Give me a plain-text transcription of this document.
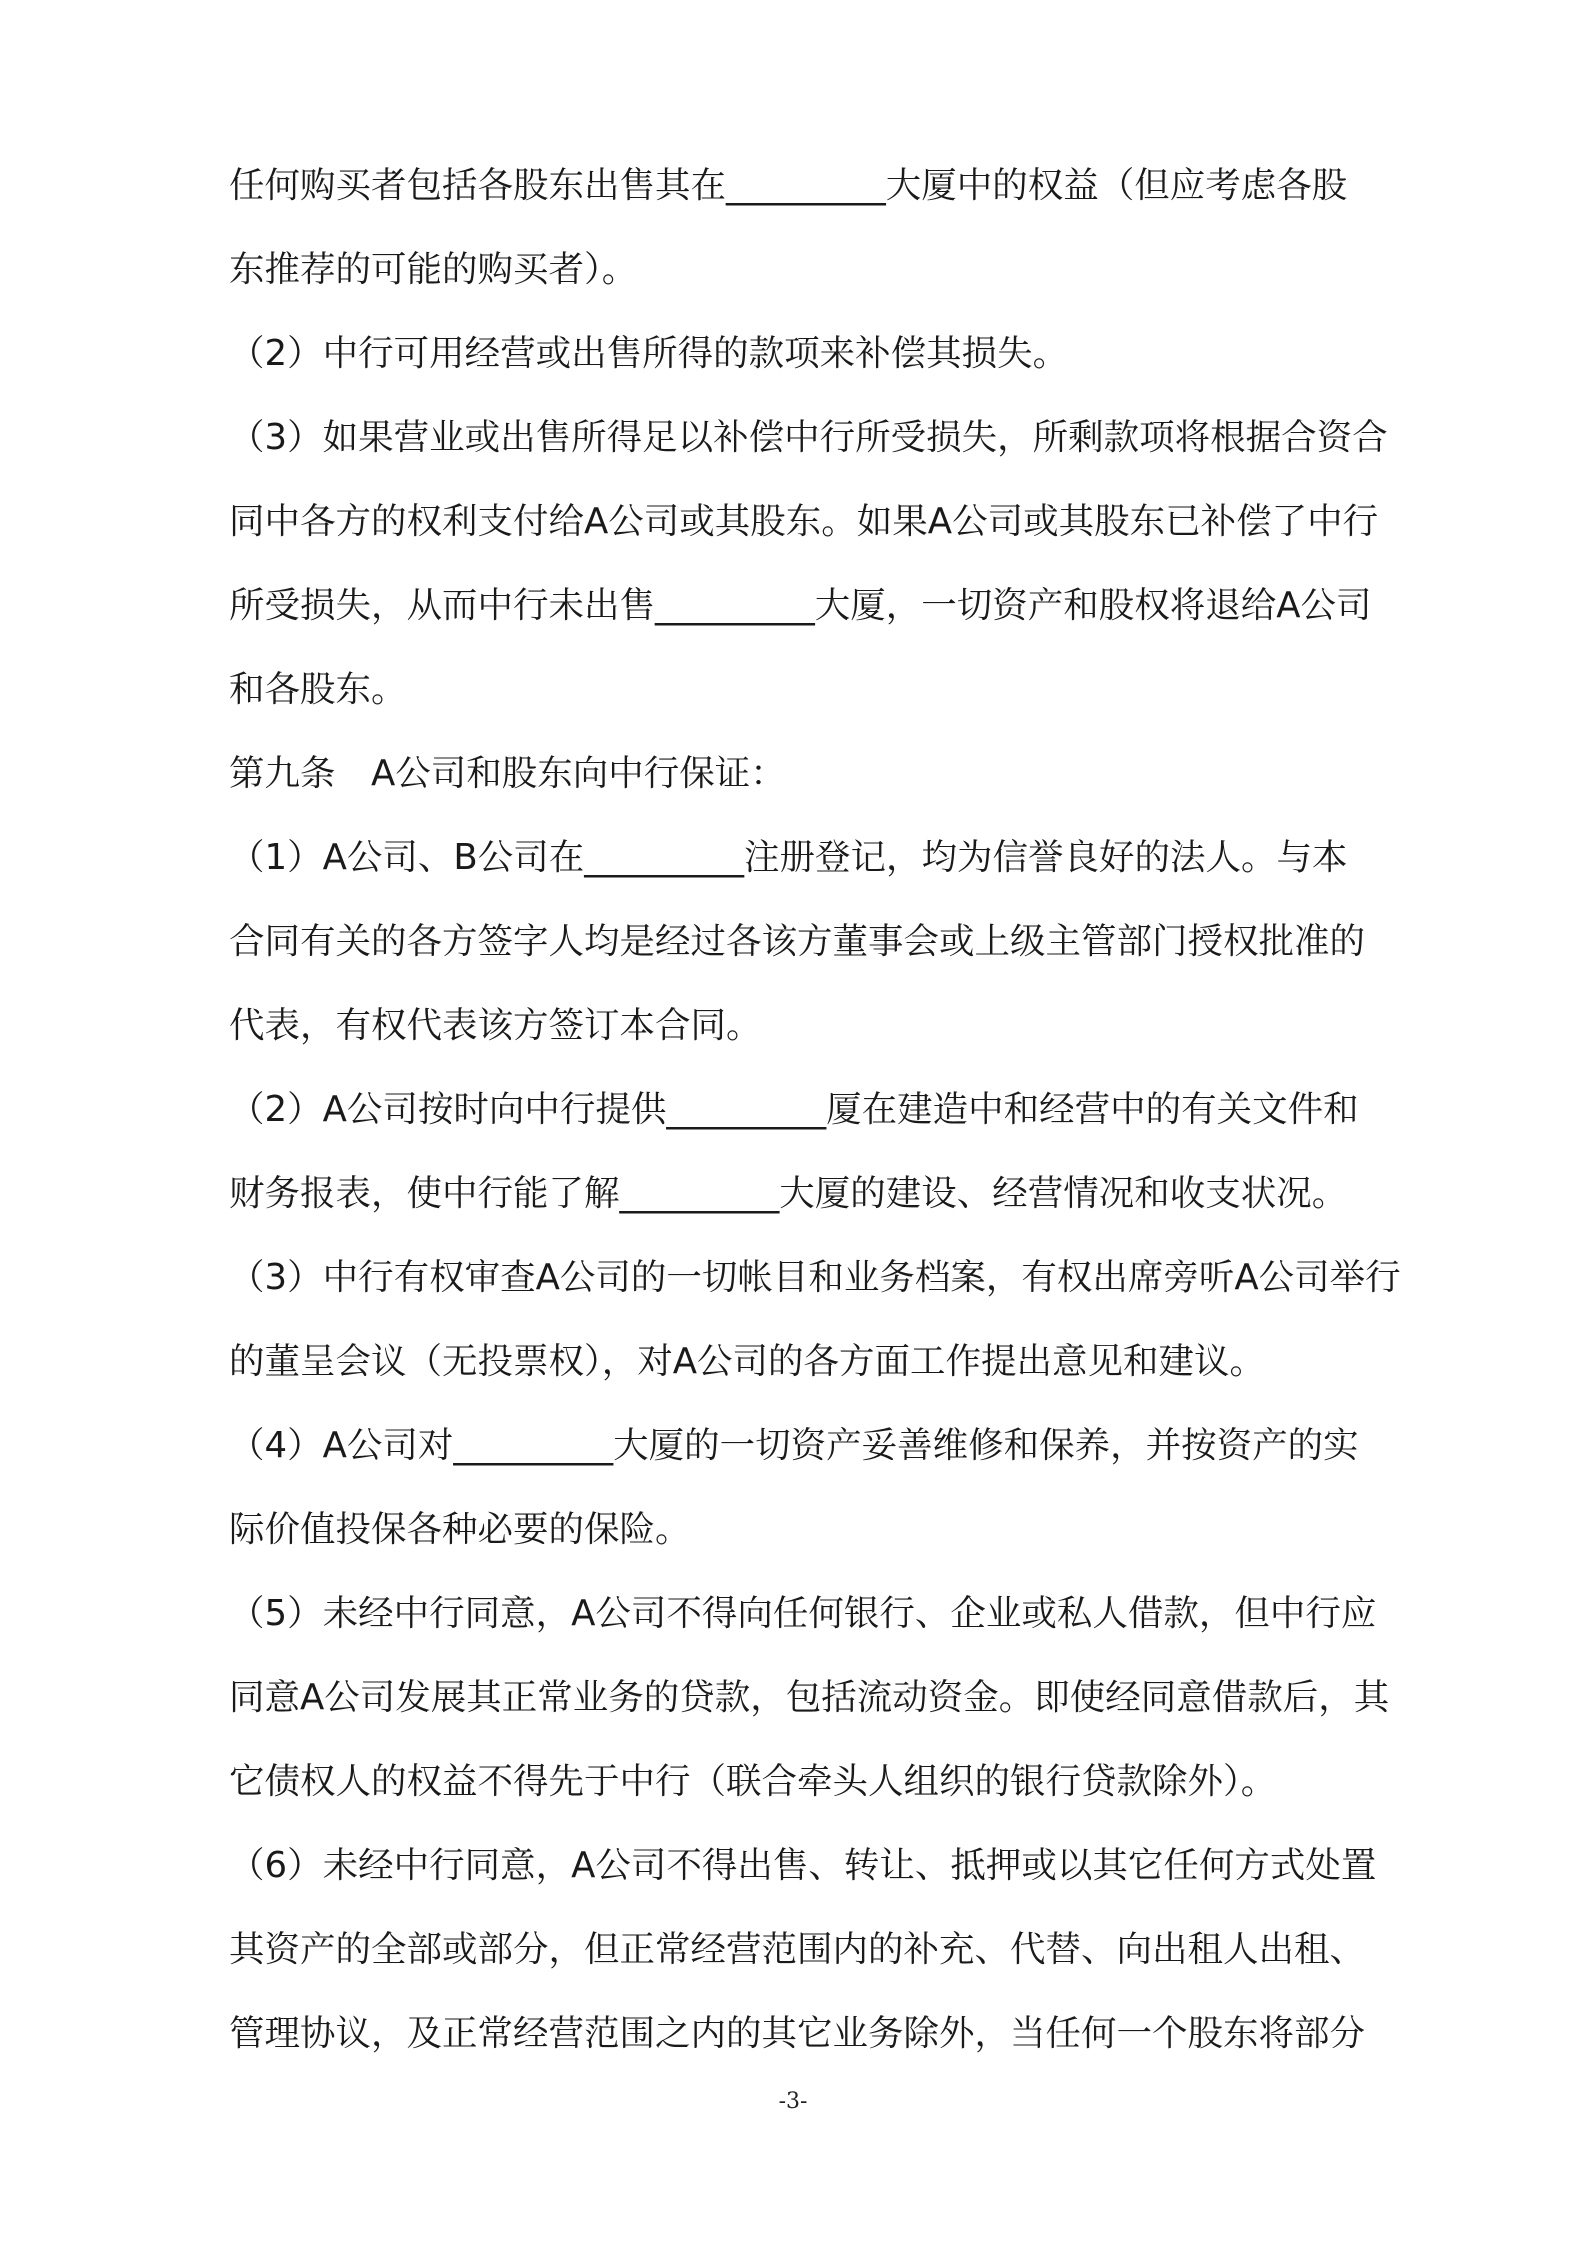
任何购买者包括各股东出售其在_________大厦中的权益（但应考虑各股
东推荐的可能的购买者）。
（2）中行可用经营或出售所得的款项来补偿其损失。
（3）如果营业或出售所得足以补偿中行所受损失，所剩款项将根据合资合
同中各方的权利支付给A公司或其股东。如果A公司或其股东已补偿了中行
所受损失，从而中行未出售_________大厦，一切资产和股权将退给A公司
和各股东。
第九条　A公司和股东向中行保证：
（1）A公司、B公司在_________注册登记，均为信誉良好的法人。与本
合同有关的各方签字人均是经过各该方董事会或上级主管部门授权批准的
代表，有权代表该方签订本合同。
（2）A公司按时向中行提供_________厦在建造中和经营中的有关文件和
财务报表，使中行能了解_________大厦的建设、经营情况和收支状况。
（3）中行有权审查A公司的一切帐目和业务档案，有权出席旁听A公司举行
的董呈会议（无投票权），对A公司的各方面工作提出意见和建议。
（4）A公司对_________大厦的一切资产妥善维修和保养，并按资产的实
际价值投保各种必要的保险。
（5）未经中行同意，A公司不得向任何银行、企业或私人借款，但中行应
同意A公司发展其正常业务的贷款，包括流动资金。即使经同意借款后，其
它债权人的权益不得先于中行（联合牵头人组织的银行贷款除外）。
（6）未经中行同意，A公司不得出售、转让、抵押或以其它任何方式处置
其资产的全部或部分，但正常经营范围内的补充、代替、向出租人出租、
管理协议，及正常经营范围之内的其它业务除外，当任何一个股东将部分
-3-
